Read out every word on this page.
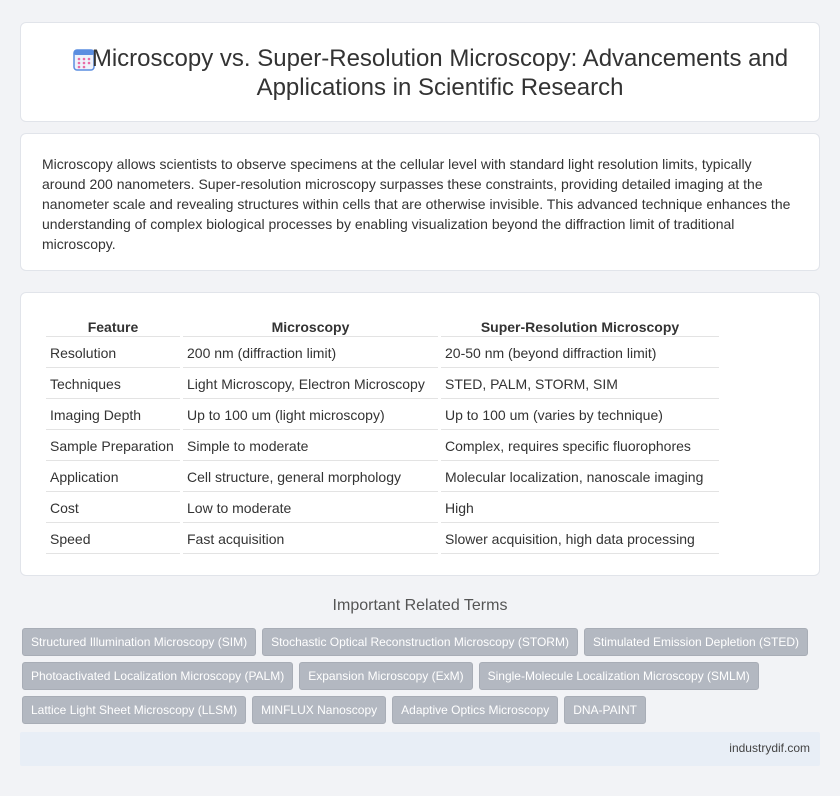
Microscopy vs. Super-Resolution Microscopy: Advancements and Applications in Scientific Research

Microscopy allows scientists to observe specimens at the cellular level with standard light resolution limits, typically around 200 nanometers. Super-resolution microscopy surpasses these constraints, providing detailed imaging at the nanometer scale and revealing structures within cells that are otherwise invisible. This advanced technique enhances the understanding of complex biological processes by enabling visualization beyond the diffraction limit of traditional microscopy.

Feature	Microscopy	Super-Resolution Microscopy
Resolution	200 nm (diffraction limit)	20-50 nm (beyond diffraction limit)
Techniques	Light Microscopy, Electron Microscopy	STED, PALM, STORM, SIM
Imaging Depth	Up to 100 um (light microscopy)	Up to 100 um (varies by technique)
Sample Preparation	Simple to moderate	Complex, requires specific fluorophores
Application	Cell structure, general morphology	Molecular localization, nanoscale imaging
Cost	Low to moderate	High
Speed	Fast acquisition	Slower acquisition, high data processing
Important Related Terms
Structured Illumination Microscopy (SIM)	Stochastic Optical Reconstruction Microscopy (STORM)	Stimulated Emission Depletion (STED)
Photoactivated Localization Microscopy (PALM)	Expansion Microscopy (ExM)	Single-Molecule Localization Microscopy (SMLM)
Lattice Light Sheet Microscopy (LLSM)	MINFLUX Nanoscopy	Adaptive Optics Microscopy	DNA-PAINT
industrydif.com
